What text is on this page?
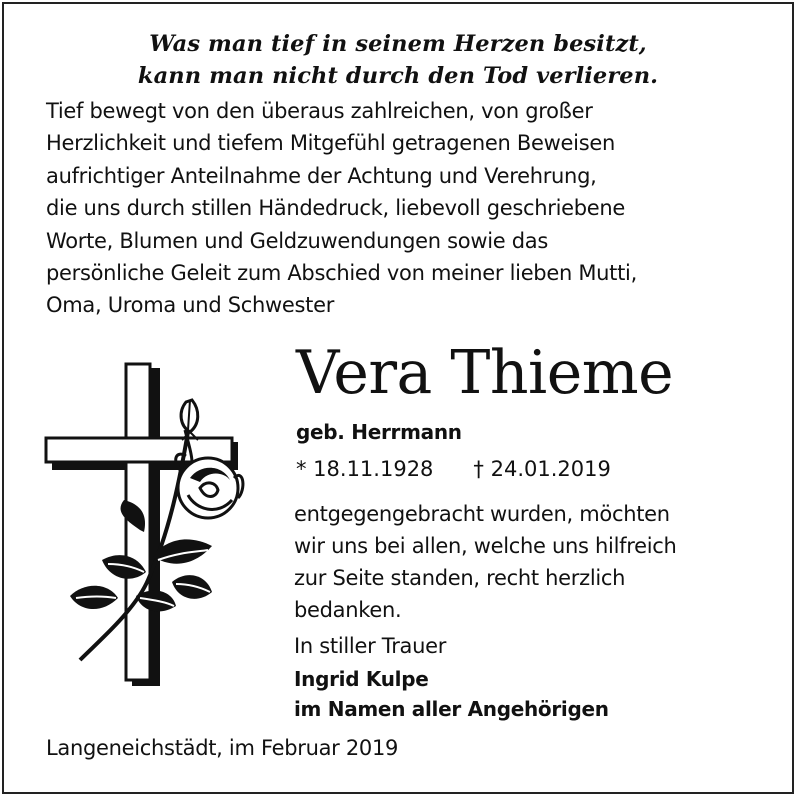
Was man tief in seinem Herzen besitzt,

kann man nicht durch den Tod verlieren.

Tief bewegt von den überaus zahlreichen, von großer

Herzlichkeit und tiefem Mitgefühl getragenen Beweisen

aufrichtiger Anteilnahme der Achtung und Verehrung,

die uns durch stillen Händedruck, liebevoll geschriebene

Worte, Blumen und Geldzuwendungen sowie das

persönliche Geleit zum Abschied von meiner lieben Mutti,

Oma, Uroma und Schwester

Vera Thieme

geb. Herrmann

* 18.11.1928 † 24.01.2019

entgegengebracht wurden, möchten

wir uns bei allen, welche uns hilfreich

zur Seite standen, recht herzlich

bedanken.

In stiller Trauer

Ingrid Kulpe

im Namen aller Angehörigen

Langeneichstädt, im Februar 2019
